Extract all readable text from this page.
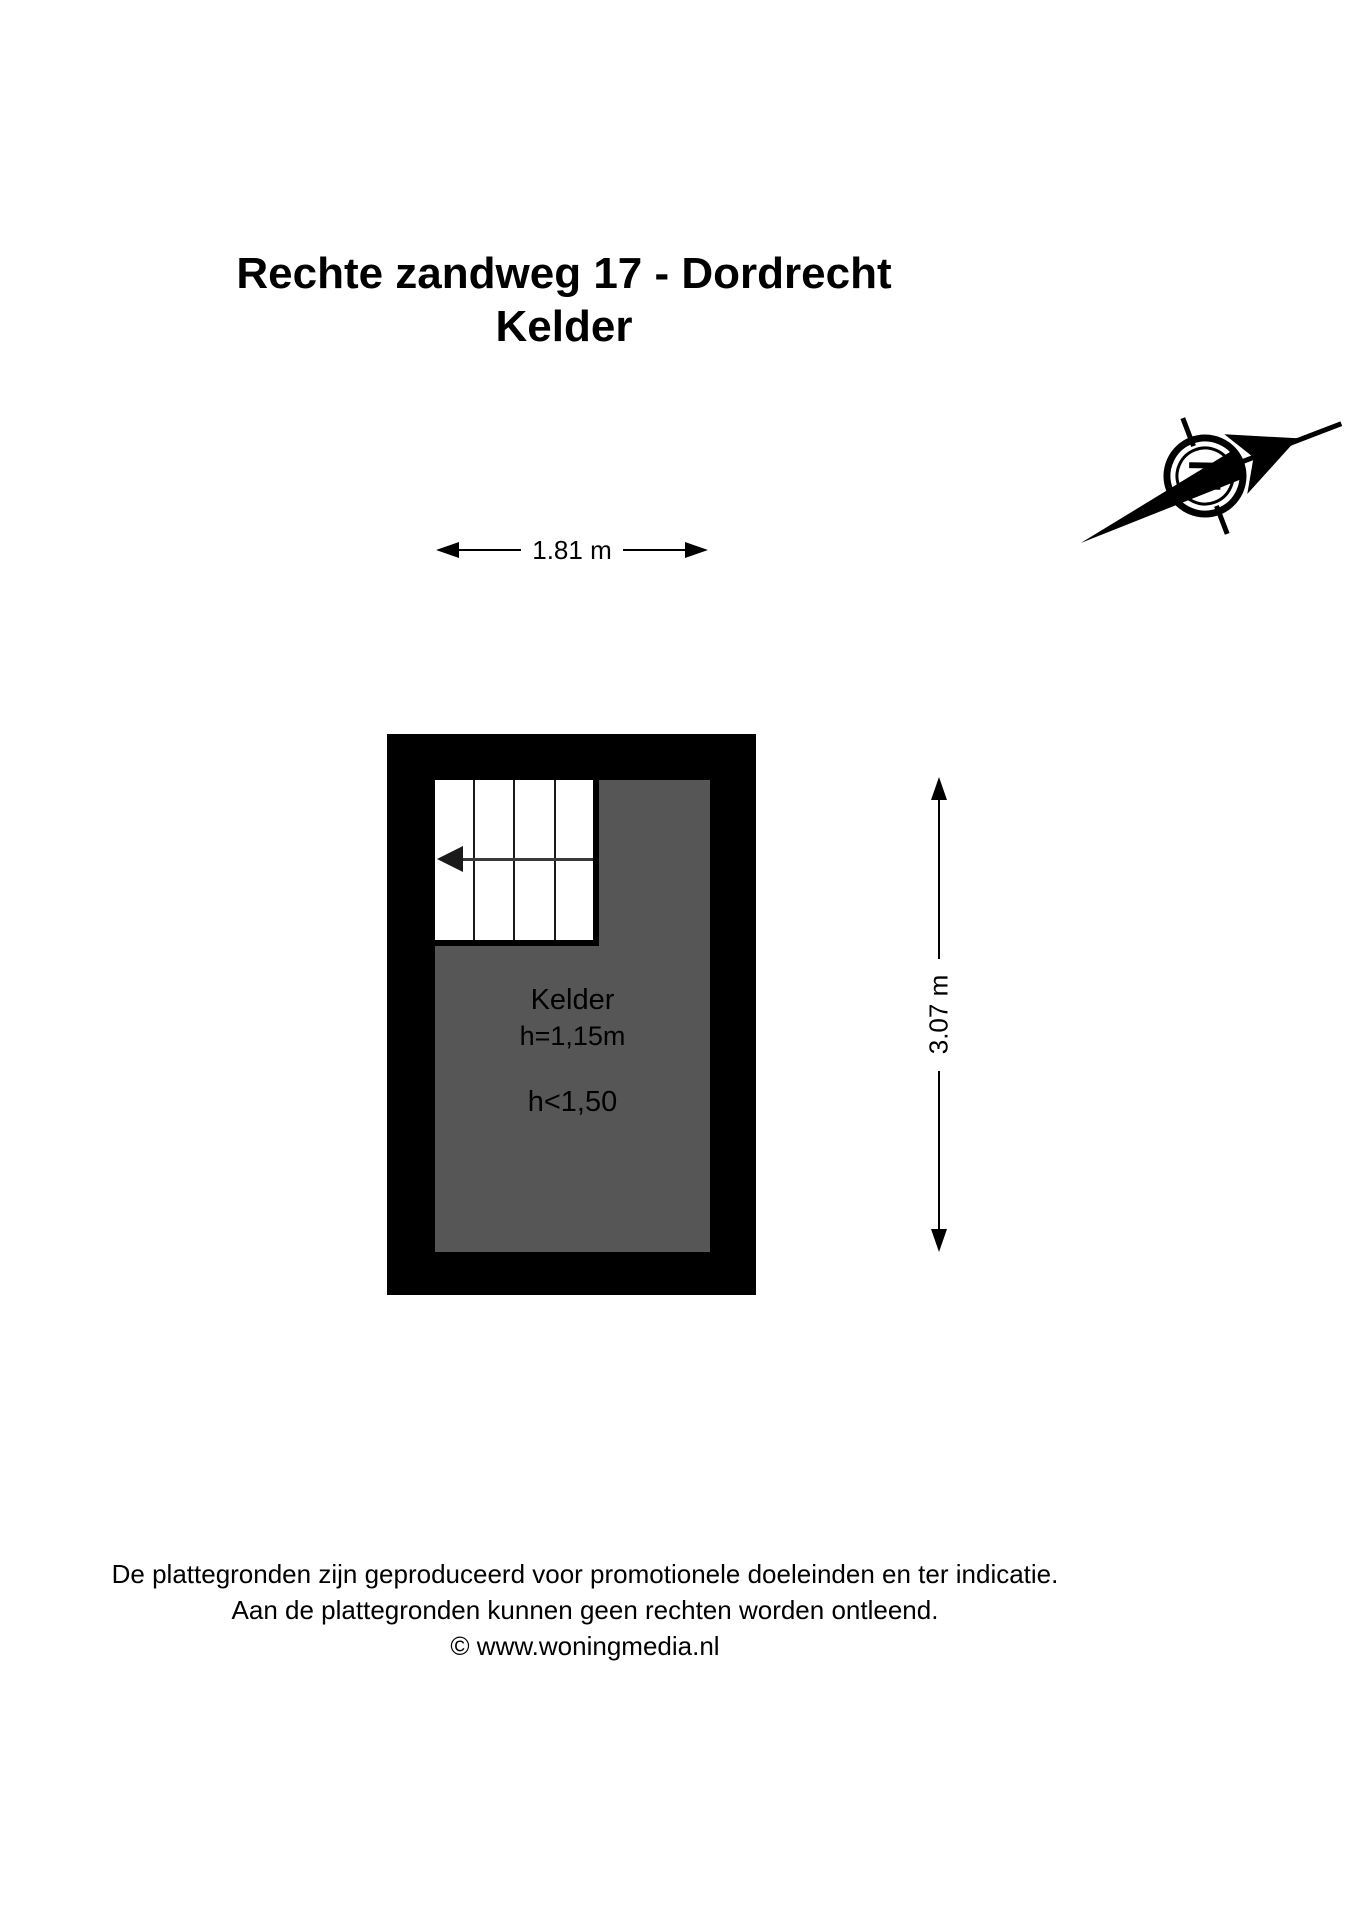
Rechte zandweg 17 - Dordrecht
Kelder
N
1.81 m
Kelder
h=1,15m
h<1,50
3.07 m
De plattegronden zijn geproduceerd voor promotionele doeleinden en ter indicatie.
Aan de plattegronden kunnen geen rechten worden ontleend.
© www.woningmedia.nl
